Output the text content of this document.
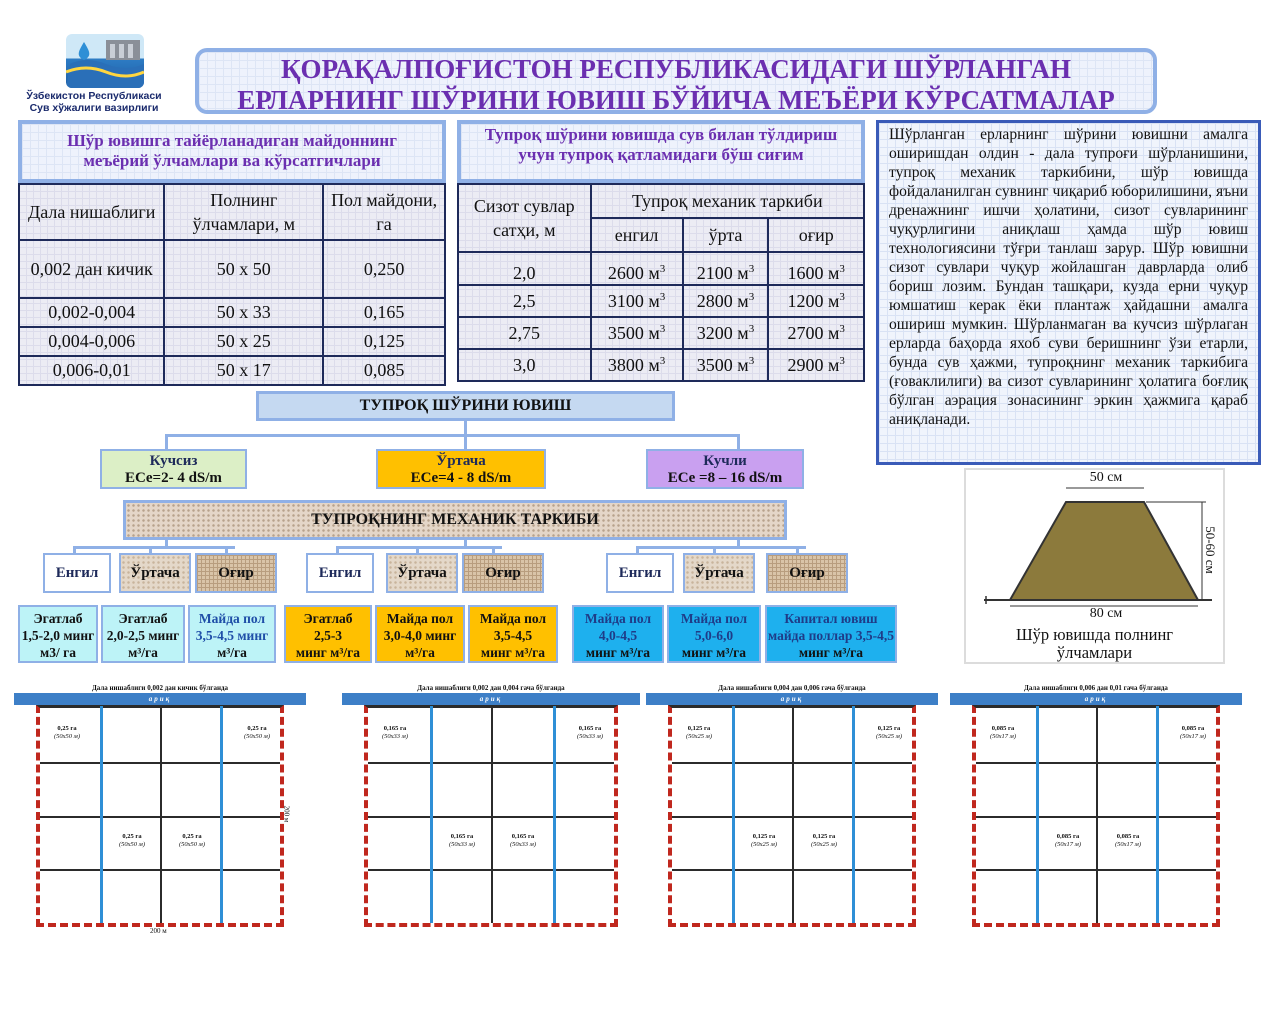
Ўзбекистон Республикаси
Сув хўжалиги вазирлиги
ҚОРАҚАЛПОҒИСТОН РЕСПУБЛИКАСИДАГИ ШЎРЛАНГАН
ЕРЛАРНИНГ ШЎРИНИ ЮВИШ БЎЙИЧА МЕЪЁРИ КЎРСАТМАЛАР
Шўр ювишга тайёрланадиган майдоннинг меъёрий ўлчамлари ва кўрсатгичлари
Дала нишаблиги	Полнинг ўлчамлари, м	Пол майдони, га
0,002 дан кичик	50 х 50	0,250
0,002-0,004	50 х 33	0,165
0,004-0,006	50 х 25	0,125
0,006-0,01	50 х 17	0,085
Тупроқ шўрини ювишда сув билан тўлдириш учун тупроқ қатламидаги бўш сиғим
Сизот сувлар сатҳи, м	Тупроқ механик таркиби		
	енгил	ўрта	оғир
2,0	2600 $м^3$	2100 $м^3$	1600 $м^3$
2,5	3100 $м^3$	2800 $м^3$	1200 $м^3$
2,75	3500 $м^3$	3200 $м^3$	2700 $м^3$
3,0	3800 $м^3$	3500 $м^3$	2900 $м^3$
Шўрланган ерларнинг шўрини ювишни амалга оширишдан олдин - дала тупроғи шўрланишини, тупроқ механик таркибини, шўр ювишда фойдаланилган сувнинг чиқариб юборилишини, яъни дренажнинг ишчи ҳолатини, сизот сувларининг чуқурлигини аниқлаш ҳамда шўр ювиш технологиясини тўғри танлаш зарур. Шўр ювишни сизот сувлари чуқур жойлашган даврларда олиб бориш лозим. Бундан ташқари, кузда ерни чуқур юмшатиш керак ёки плантаж ҳайдашни амалга ошириш мумкин. Шўрланмаган ва кучсиз шўрлаган ерларда баҳорда яхоб суви беришнинг ўзи етарли, бунда сув ҳажми, тупроқнинг механик таркибига (ғоваклилиги) ва сизот сувларининг ҳолатига боғлиқ бўлган аэрация зонасининг эркин ҳажмига қараб аниқланади.
ТУПРОҚ ШЎРИНИ ЮВИШ
Кучсиз
ECe=2- 4 dS/m
Ўртача
ECe=4 - 8 dS/m
Кучли
ECe =8 – 16 dS/m
ТУПРОҚНИНГ МЕХАНИК ТАРКИБИ
Енгил	Ўртача	Оғир	Енгил	Ўртача	Оғир	Енгил	Ўртача	Оғир
Эгатлаб
1,5-2,0 минг
м3/ га
Эгатлаб
2,0-2,5 минг
м³/га
Майда пол
3,5-4,5 минг
м³/га
Эгатлаб
2,5-3
минг м³/га
Майда пол
3,0-4,0 минг
м³/га
Майда пол
3,5-4,5
минг м³/га
Майда пол
4,0-4,5
минг м³/га
Майда пол
5,0-6,0
минг м³/га
Капитал ювиш
майда поллар 3,5-4,5
минг м³/га
50 см
80 см
50-60 см
Шўр ювишда полнинг
ўлчамлари
Дала нишаблиги 0,002 дан кичик бўлганда
ариқ
0,25 га
(50х50 м)
0,25 га
(50х50 м)
0,25 га
(50х50 м)
0,25 га
(50х50 м)
200 м
200 м
Дала нишаблиги 0,002 дан 0,004 гача бўлганда
ариқ
0,165 га
(50х33 м)
0,165 га
(50х33 м)
0,165 га
(50х33 м)
0,165 га
(50х33 м)
Дала нишаблиги 0,004 дан 0,006 гача бўлганда
ариқ
0,125 га
(50х25 м)
0,125 га
(50х25 м)
0,125 га
(50х25 м)
0,125 га
(50х25 м)
Дала нишаблиги 0,006 дан 0,01 гача бўлганда
ариқ
0,085 га
(50х17 м)
0,085 га
(50х17 м)
0,085 га
(50х17 м)
0,085 га
(50х17 м)
